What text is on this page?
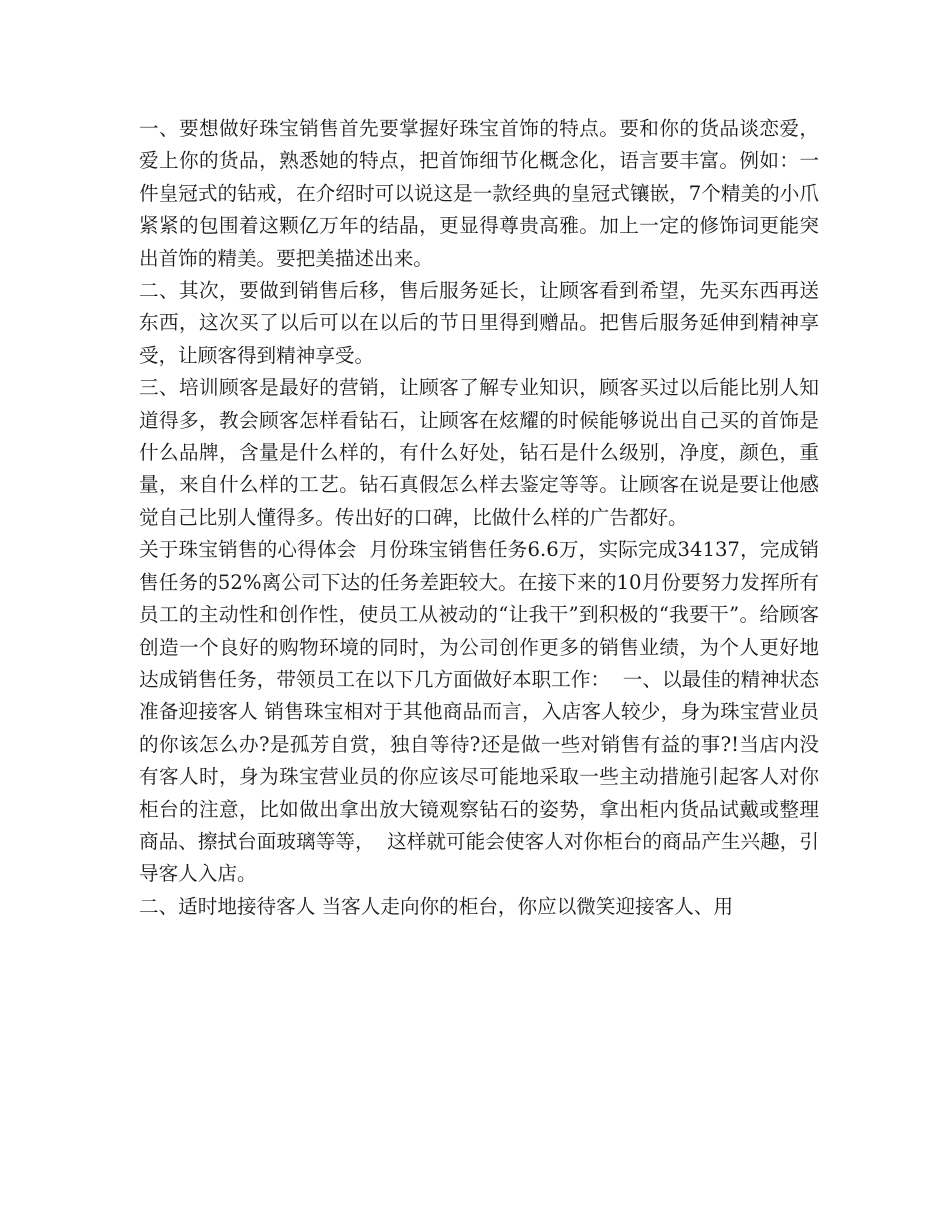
一、要想做好珠宝销售首先要掌握好珠宝首饰的特点。要和你的货品谈恋爱，爱上你的货品，熟悉她的特点，把首饰细节化概念化，语言要丰富。例如：一件皇冠式的钻戒，在介绍时可以说这是一款经典的皇冠式镶嵌，7个精美的小爪紧紧的包围着这颗亿万年的结晶，更显得尊贵高雅。加上一定的修饰词更能突出首饰的精美。要把美描述出来。

二、其次，要做到销售后移，售后服务延长，让顾客看到希望，先买东西再送东西，这次买了以后可以在以后的节日里得到赠品。把售后服务延伸到精神享受，让顾客得到精神享受。

三、培训顾客是最好的营销，让顾客了解专业知识，顾客买过以后能比别人知道得多，教会顾客怎样看钻石，让顾客在炫耀的时候能够说出自己买的首饰是什么品牌，含量是什么样的，有什么好处，钻石是什么级别，净度，颜色，重量，来自什么样的工艺。钻石真假怎么样去鉴定等等。让顾客在说是要让他感觉自己比别人懂得多。传出好的口碑，比做什么样的广告都好。

关于珠宝销售的心得体会  月份珠宝销售任务6.6万，实际完成34137，完成销售任务的52%离公司下达的任务差距较大。在接下来的10月份要努力发挥所有员工的主动性和创作性，使员工从被动的“让我干”到积极的“我要干”。给顾客创造一个良好的购物环境的同时，为公司创作更多的销售业绩，为个人更好地达成销售任务，带领员工在以下几方面做好本职工作：  一、以最佳的精神状态准备迎接客人 销售珠宝相对于其他商品而言，入店客人较少，身为珠宝营业员的你该怎么办?是孤芳自赏，独自等待?还是做一些对销售有益的事?!当店内没有客人时，身为珠宝营业员的你应该尽可能地采取一些主动措施引起客人对你柜台的注意，比如做出拿出放大镜观察钻石的姿势，拿出柜内货品试戴或整理商品、擦拭台面玻璃等等，  这样就可能会使客人对你柜台的商品产生兴趣，引导客人入店。

二、适时地接待客人 当客人走向你的柜台，你应以微笑迎接客人、用
